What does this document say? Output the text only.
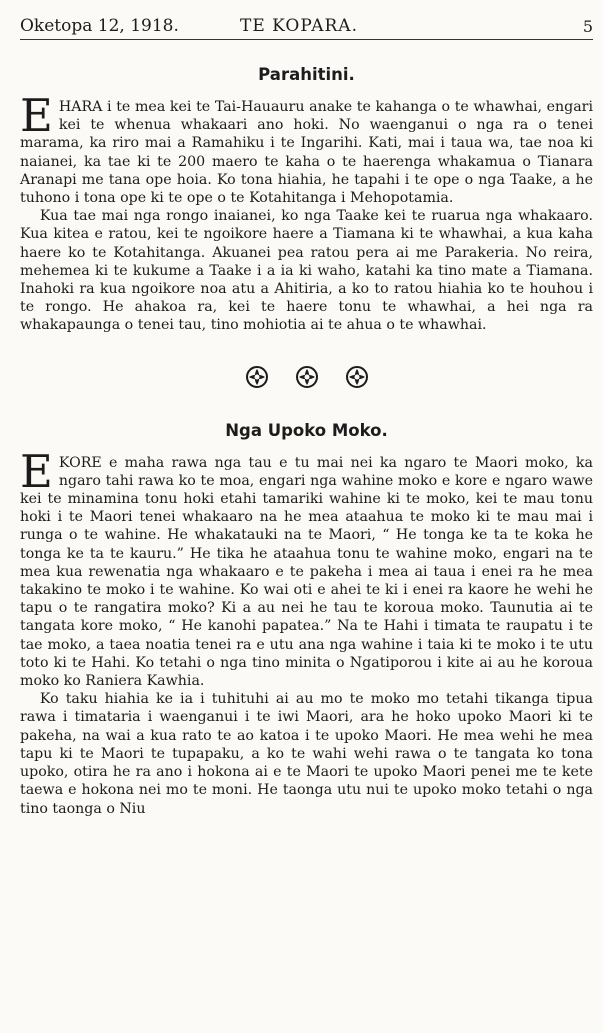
Oketopa 12, 1918.	TE KOPARA.	5
Parahitini.

EHARA i te mea kei te Tai-Hauauru anake te kahanga o te whawhai, engari kei te whenua whakaari ano hoki. No waenganui o nga ra o tenei marama, ka riro mai a Ramahiku i te Ingarihi. Kati, mai i taua wa, tae noa ki naianei, ka tae ki te 200 maero te kaha o te haerenga whakamua o Tianara Aranapi me tana ope hoia. Ko tona hiahia, he tapahi i te ope o nga Taake, a he tuhono i tona ope ki te ope o te Kotahitanga i Mehopotamia.

Kua tae mai nga rongo inaianei, ko nga Taake kei te ruarua nga whakaaro. Kua kitea e ratou, kei te ngoikore haere a Tiamana ki te whawhai, a kua kaha haere ko te Kotahitanga. Akuanei pea ratou pera ai me Parakeria. No reira, mehemea ki te kukume a Taake i a ia ki waho, katahi ka tino mate a Tiamana. Inahoki ra kua ngoikore noa atu a Ahitiria, a ko to ratou hiahia ko te houhou i te rongo. He ahakoa ra, kei te haere tonu te whawhai, a hei nga ra whakapaunga o tenei tau, tino mohiotia ai te ahua o te whawhai.

Nga Upoko Moko.

EKORE e maha rawa nga tau e tu mai nei ka ngaro te Maori moko, ka ngaro tahi rawa ko te moa, engari nga wahine moko e kore e ngaro wawe kei te minamina tonu hoki etahi tamariki wahine ki te moko, kei te mau tonu hoki i te Maori tenei whakaaro na he mea ataahua te moko ki te mau mai i runga o te wahine. He whakatauki na te Maori, “ He tonga ke ta te koka he tonga ke ta te kauru.” He tika he ataahua tonu te wahine moko, engari na te mea kua rewenatia nga whakaaro e te pakeha i mea ai taua i enei ra he mea takakino te moko i te wahine. Ko wai oti e ahei te ki i enei ra kaore he wehi he tapu o te rangatira moko? Ki a au nei he tau te koroua moko. Taunutia ai te tangata kore moko, “ He kanohi papatea.” Na te Hahi i timata te raupatu i te tae moko, a taea noatia tenei ra e utu ana nga wahine i taia ki te moko i te utu toto ki te Hahi. Ko tetahi o nga tino minita o Ngatiporou i kite ai au he koroua moko ko Raniera Kawhia.

Ko taku hiahia ke ia i tuhituhi ai au mo te moko mo tetahi tikanga tipua rawa i timataria i waenganui i te iwi Maori, ara he hoko upoko Maori ki te pakeha, na wai a kua rato te ao katoa i te upoko Maori. He mea wehi he mea tapu ki te Maori te tupapaku, a ko te wahi wehi rawa o te tangata ko tona upoko, otira he ra ano i hokona ai e te Maori te upoko Maori penei me te kete taewa e hokona nei mo te moni. He taonga utu nui te upoko moko tetahi o nga tino taonga o Niu
